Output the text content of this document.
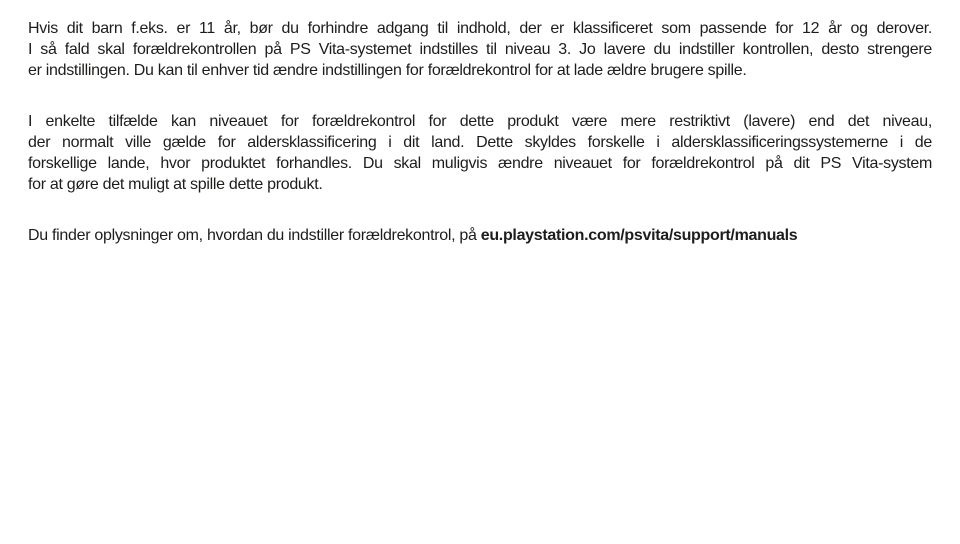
Hvis dit barn f.eks. er 11 år, bør du forhindre adgang til indhold, der er klassificeret som passende for 12 år og derover.
I så fald skal forældrekontrollen på PS Vita-systemet indstilles til niveau 3. Jo lavere du indstiller kontrollen, desto strengere
er indstillingen. Du kan til enhver tid ændre indstillingen for forældrekontrol for at lade ældre brugere spille.
I enkelte tilfælde kan niveauet for forældrekontrol for dette produkt være mere restriktivt (lavere) end det niveau,
der normalt ville gælde for aldersklassificering i dit land. Dette skyldes forskelle i aldersklassificeringssystemerne i de
forskellige lande, hvor produktet forhandles. Du skal muligvis ændre niveauet for forældrekontrol på dit PS Vita-system
for at gøre det muligt at spille dette produkt.

Du finder oplysninger om, hvordan du indstiller forældrekontrol, på eu.playstation.com/psvita/support/manuals
